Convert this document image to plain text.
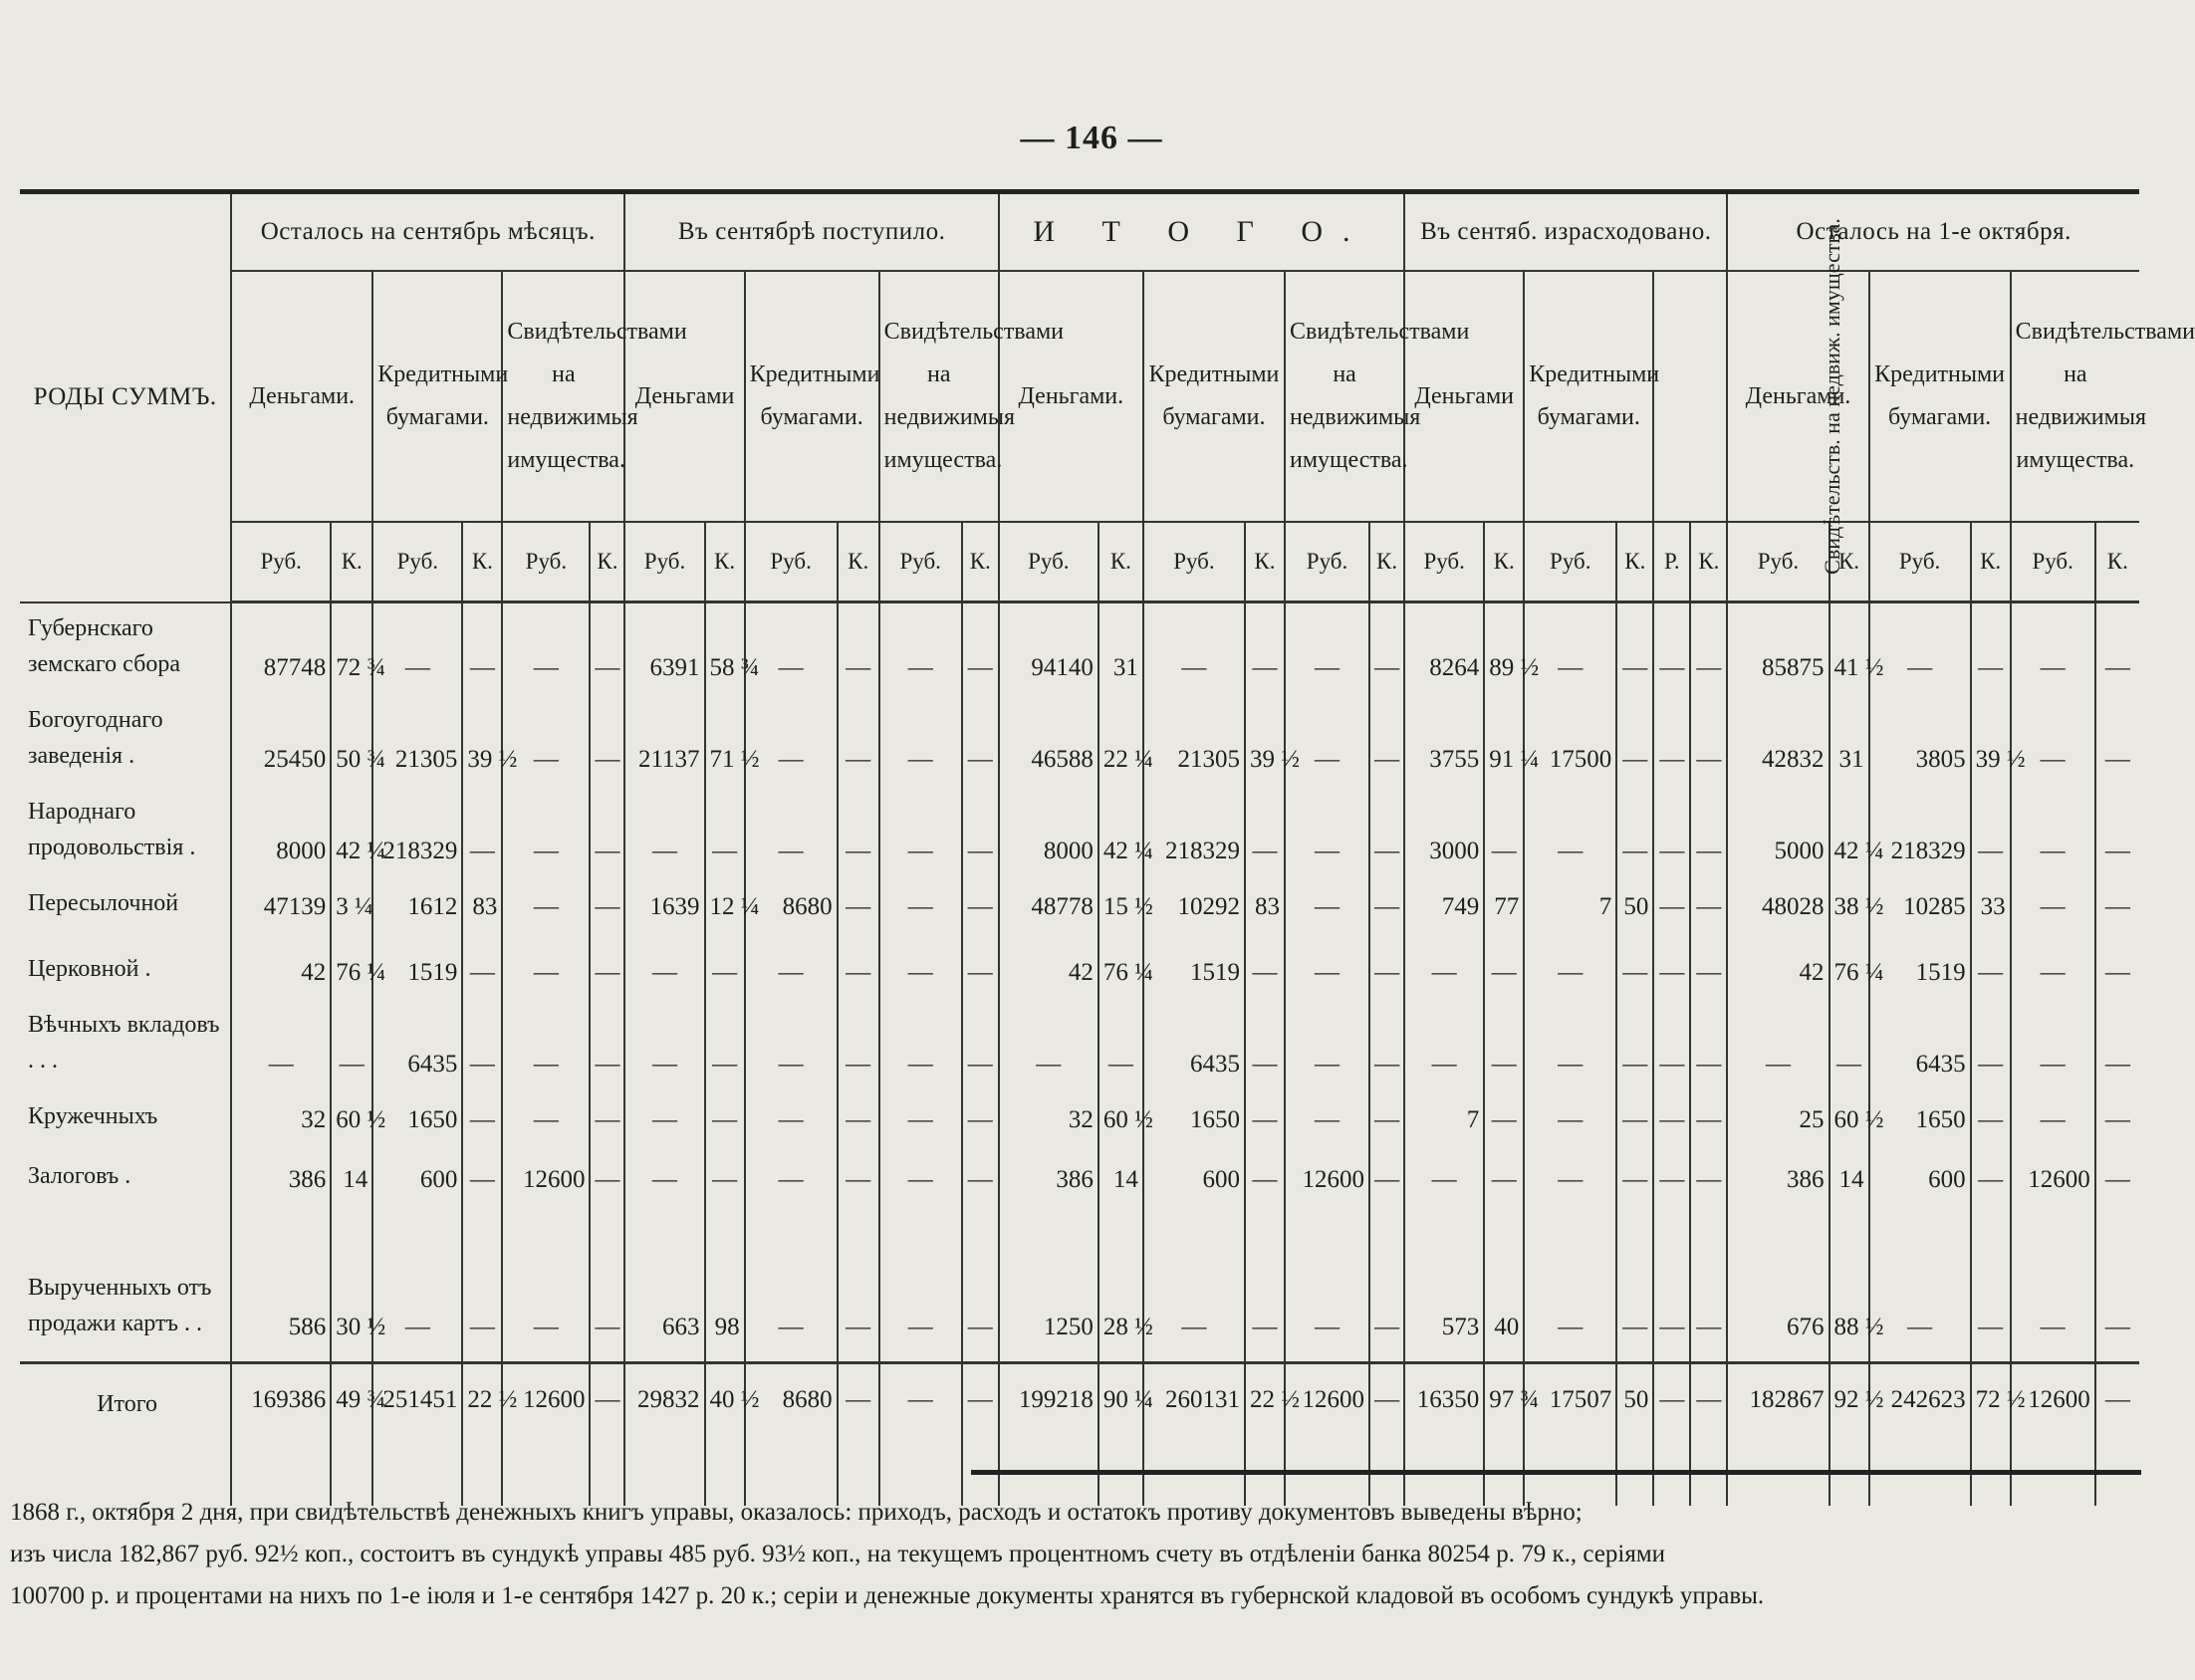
— 146 —
РОДЫ СУММЪ.	Осталось на сентябрь мѣсяцъ.						Въ сентябрѣ поступило.						И Т О Г О.						Въ сентяб. израсходовано.						Осталось на 1-е октября.					
	Деньгами.		Кредитными бумагами.		Свидѣтельствами на недвижимыя имущества.		Деньгами		Кредитными бумагами.		Свидѣтельствами на недвижимыя имущества.		Деньгами.		Кредитными бумагами.		Свидѣтельствами на недвижимыя имущества.		Деньгами		Кредитными бумагами.		Свидѣтельств. на недвиж. имущества.		Деньгами.		Кредитными бумагами.		Свидѣтельствами на недвижимыя имущества.	
	Руб.	К.	Руб.	К.	Руб.	К.	Руб.	К.	Руб.	К.	Руб.	К.	Руб.	К.	Руб.	К.	Руб.	К.	Руб.	К.	Руб.	К.	Р.	К.	Руб.	К.	Руб.	К.	Руб.	К.
Губернскаго земскаго сбора	87748	72 ¾	—	—	—	—	6391	58 ¾	—	—	—	—	94140	31	—	—	—	—	8264	89 ½	—	—	—	—	85875	41 ½	—	—	—	—
Богоугоднаго заведенія .	25450	50 ¾	21305	39 ½	—	—	21137	71 ½	—	—	—	—	46588	22 ¼	21305	39 ½	—	—	3755	91 ¼	17500	—	—	—	42832	31	3805	39 ½	—	—
Народнаго продовольствія .	8000	42 ¼	218329	—	—	—	—	—	—	—	—	—	8000	42 ¼	218329	—	—	—	3000	—	—	—	—	—	5000	42 ¼	218329	—	—	—
Пересылочной	47139	3 ¼	1612	83	—	—	1639	12 ¼	8680	—	—	—	48778	15 ½	10292	83	—	—	749	77	7	50	—	—	48028	38 ½	10285	33	—	—
Церковной .	42	76 ¼	1519	—	—	—	—	—	—	—	—	—	42	76 ¼	1519	—	—	—	—	—	—	—	—	—	42	76 ¼	1519	—	—	—
Вѣчныхъ вкладовъ . . .	—	—	6435	—	—	—	—	—	—	—	—	—	—	—	6435	—	—	—	—	—	—	—	—	—	—	—	6435	—	—	—
Кружечныхъ	32	60 ½	1650	—	—	—	—	—	—	—	—	—	32	60 ½	1650	—	—	—	7	—	—	—	—	—	25	60 ½	1650	—	—	—
Залоговъ .	386	14	600	—	12600	—	—	—	—	—	—	—	386	14	600	—	12600	—	—	—	—	—	—	—	386	14	600	—	12600	—
Вырученныхъ отъ продажи картъ . .	586	30 ½	—	—	—	—	663	98	—	—	—	—	1250	28 ½	—	—	—	—	573	40	—	—	—	—	676	88 ½	—	—	—	—
Итого	169386	49 ¾	251451	22 ½	12600	—	29832	40 ½	8680	—	—	—	199218	90 ¼	260131	22 ½	12600	—	16350	97 ¾	17507	50	—	—	182867	92 ½	242623	72 ½	12600	—

1868 г., октября 2 дня, при свидѣтельствѣ денежныхъ книгъ управы, оказалось: приходъ, расходъ и остатокъ противу документовъ выведены вѣрно;

изъ числа 182,867 руб. 92½ коп., состоитъ въ сундукѣ управы 485 руб. 93½ коп., на текущемъ процентномъ счету въ отдѣленіи банка 80254 р. 79 к., серіями

100700 р. и процентами на нихъ по 1-е іюля и 1-е сентября 1427 р. 20 к.; серіи и денежные документы хранятся въ губернской кладовой въ особомъ сундукѣ управы.
